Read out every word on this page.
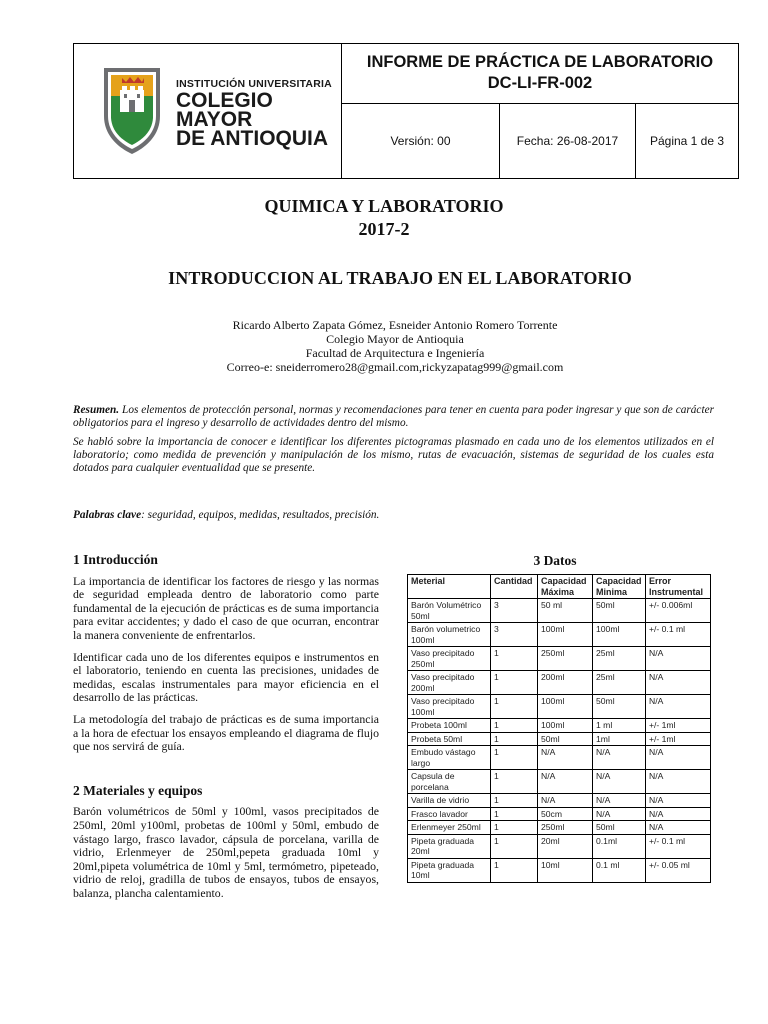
INSTITUCIÓN UNIVERSITARIA
COLEGIO MAYOR
DE ANTIOQUIA
INFORME DE PRÁCTICA DE LABORATORIO
DC-LI-FR-002
Versión: 00	Fecha: 26-08-2017	Página 1 de 3
QUIMICA Y LABORATORIO
2017-2
INTRODUCCION AL TRABAJO EN EL LABORATORIO
Ricardo Alberto Zapata Gómez, Esneider Antonio Romero Torrente
Colegio Mayor de Antioquia
Facultad de Arquitectura e Ingeniería
Correo-e: sneiderromero28@gmail.com,rickyzapatag999@gmail.com

Resumen. Los elementos de protección personal, normas y recomendaciones para tener en cuenta para poder ingresar y que son de carácter obligatorios para el ingreso y desarrollo de actividades dentro del mismo.

Se habló sobre la importancia de conocer e identificar los diferentes pictogramas plasmado en cada uno de los elementos utilizados en el laboratorio; como medida de prevención y manipulación de los mismo, rutas de evacuación, sistemas de seguridad de los cuales esta dotados para cualquier eventualidad que se presente.

Palabras clave: seguridad, equipos, medidas, resultados, precisión.
1 Introducción

La importancia de identificar los factores de riesgo y las normas de seguridad empleada dentro de laboratorio como parte fundamental de la ejecución de prácticas es de suma importancia para evitar accidentes; y dado el caso de que ocurran, encontrar la manera conveniente de enfrentarlos.

Identificar cada uno de los diferentes equipos e instrumentos en el laboratorio, teniendo en cuenta las precisiones, unidades de medidas, escalas instrumentales para mayor eficiencia en el desarrollo de las prácticas.

La metodología del trabajo de prácticas es de suma importancia a la hora de efectuar los ensayos empleando el diagrama de flujo que nos servirá de guía.

2 Materiales y equipos

Barón volumétricos de 50ml y 100ml, vasos precipitados de 250ml, 20ml y100ml, probetas de 100ml y 50ml, embudo de vástago largo, frasco lavador, cápsula de porcelana, varilla de vidrio, Erlenmeyer de 250ml,pepeta graduada 10ml y 20ml,pipeta volumétrica de 10ml y 5ml, termómetro, pipeteado, vidrio de reloj, gradilla de tubos de ensayos, tubos de ensayos, balanza, plancha calentamiento.

3 Datos
Meterial	Cantidad	Capacidad Máxima	Capacidad Minima	Error Instrumental
Barón Volumétrico 50ml	3	50 ml	50ml	+/- 0.006ml
Barón volumetrico 100ml	3	100ml	100ml	+/- 0.1 ml
Vaso precipitado 250ml	1	250ml	25ml	N/A
Vaso precipitado 200ml	1	200ml	25ml	N/A
Vaso precipitado 100ml	1	100ml	50ml	N/A
Probeta 100ml	1	100ml	1 ml	+/- 1ml
Probeta 50ml	1	50ml	1ml	+/- 1ml
Embudo vástago largo	1	N/A	N/A	N/A
Capsula de porcelana	1	N/A	N/A	N/A
Varilla de vidrio	1	N/A	N/A	N/A
Frasco lavador	1	50cm	N/A	N/A
Erlenmeyer 250ml	1	250ml	50ml	N/A
Pipeta graduada 20ml	1	20ml	0.1ml	+/- 0.1 ml
Pipeta graduada 10ml	1	10ml	0.1 ml	+/- 0.05 ml
